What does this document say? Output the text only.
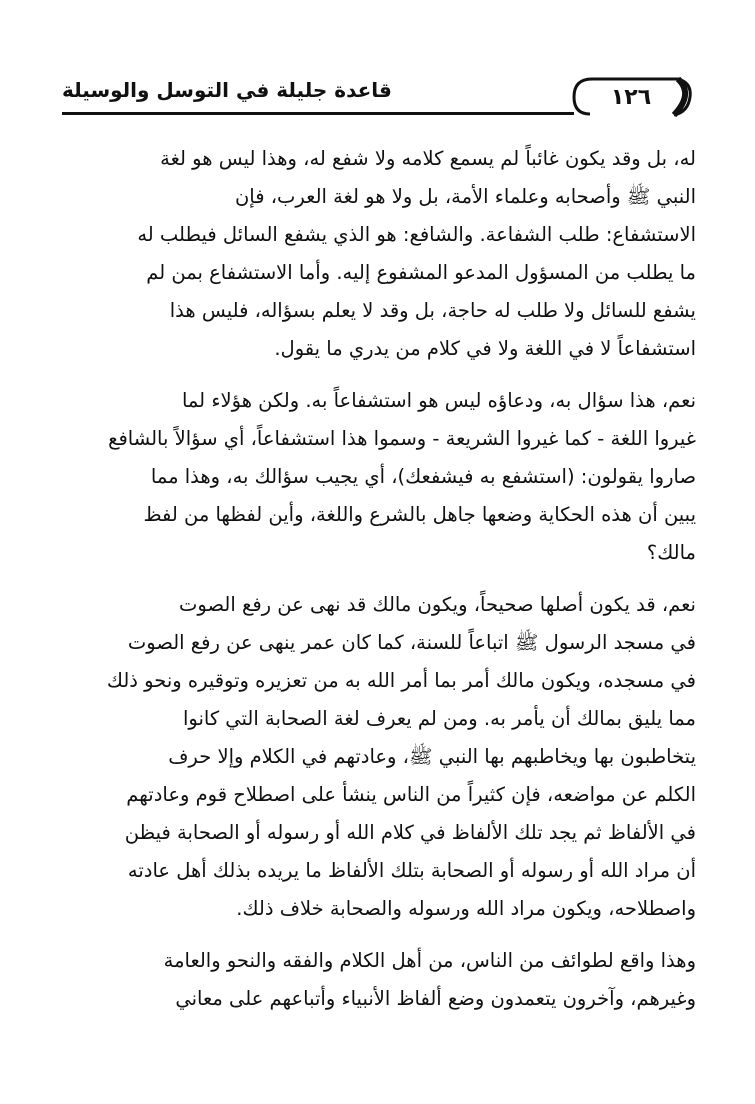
قاعدة جليلة في التوسل والوسيلة	١٢٦
له، بل وقد يكون غائباً لم يسمع كلامه ولا شفع له، وهذا ليس هو لغة
النبي ﷺ وأصحابه وعلماء الأمة، بل ولا هو لغة العرب، فإن
الاستشفاع: طلب الشفاعة. والشافع: هو الذي يشفع السائل فيطلب له
ما يطلب من المسؤول المدعو المشفوع إليه. وأما الاستشفاع بمن لم
يشفع للسائل ولا طلب له حاجة، بل وقد لا يعلم بسؤاله، فليس هذا
استشفاعاً لا في اللغة ولا في كلام من يدري ما يقول.
نعم، هذا سؤال به، ودعاؤه ليس هو استشفاعاً به. ولكن هؤلاء لما
غيروا اللغة - كما غيروا الشريعة - وسموا هذا استشفاعاً، أي سؤالاً بالشافع
صاروا يقولون: (استشفع به فيشفعك)، أي يجيب سؤالك به، وهذا مما
يبين أن هذه الحكاية وضعها جاهل بالشرع واللغة، وأين لفظها من لفظ
مالك؟
نعم، قد يكون أصلها صحيحاً، ويكون مالك قد نهى عن رفع الصوت
في مسجد الرسول ﷺ اتباعاً للسنة، كما كان عمر ينهى عن رفع الصوت
في مسجده، ويكون مالك أمر بما أمر الله به من تعزيره وتوقيره ونحو ذلك
مما يليق بمالك أن يأمر به. ومن لم يعرف لغة الصحابة التي كانوا
يتخاطبون بها ويخاطبهم بها النبي ﷺ، وعادتهم في الكلام وإلا حرف
الكلم عن مواضعه، فإن كثيراً من الناس ينشأ على اصطلاح قوم وعادتهم
في الألفاظ ثم يجد تلك الألفاظ في كلام الله أو رسوله أو الصحابة فيظن
أن مراد الله أو رسوله أو الصحابة بتلك الألفاظ ما يريده بذلك أهل عادته
واصطلاحه، ويكون مراد الله ورسوله والصحابة خلاف ذلك.
وهذا واقع لطوائف من الناس، من أهل الكلام والفقه والنحو والعامة
وغيرهم، وآخرون يتعمدون وضع ألفاظ الأنبياء وأتباعهم على معاني
